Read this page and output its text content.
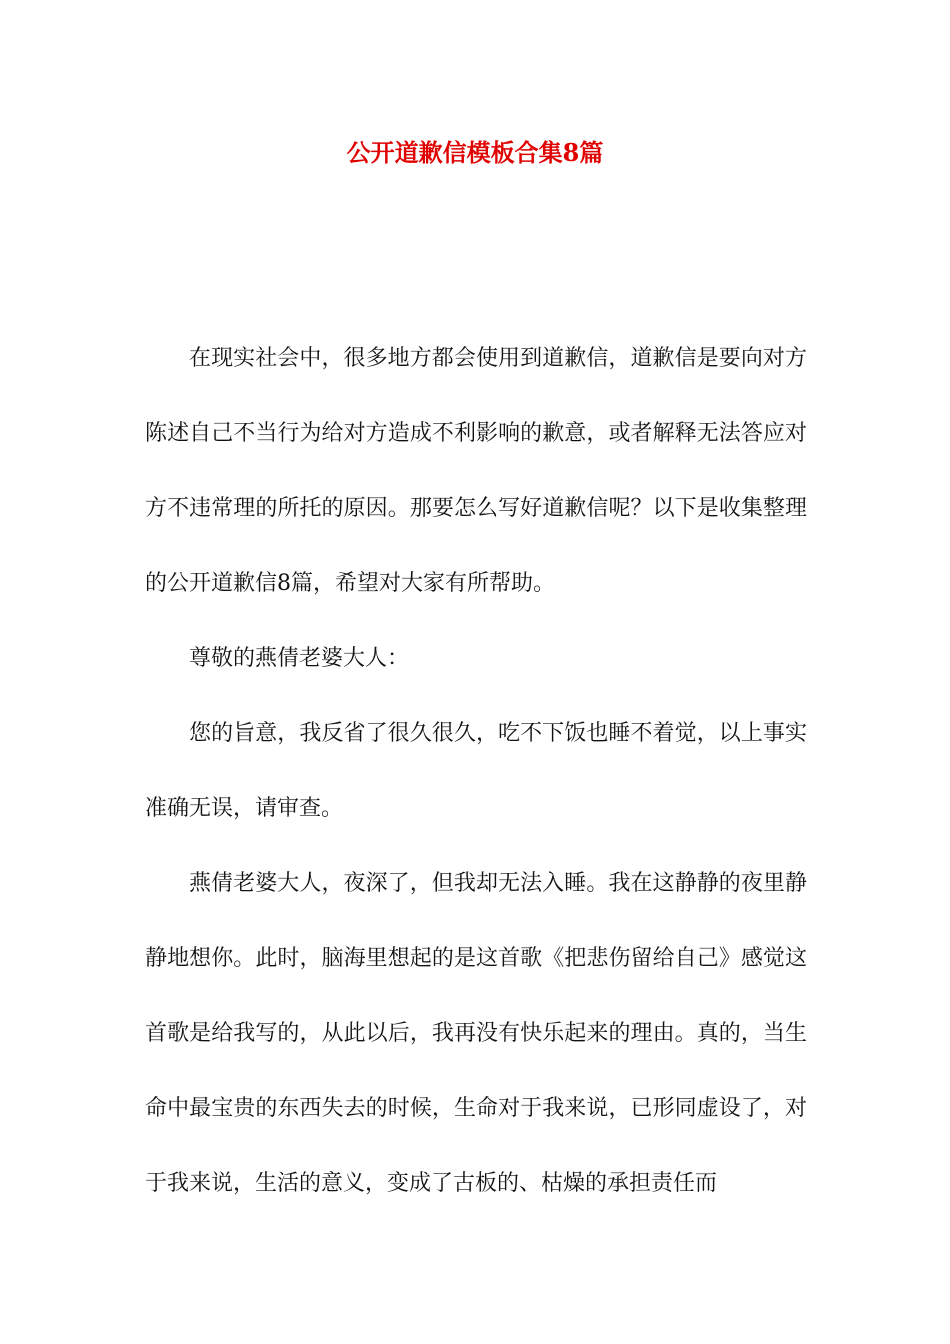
公开道歉信模板合集8篇

在现实社会中，很多地方都会使用到道歉信，道歉信是要向对方陈述自己不当行为给对方造成不利影响的歉意，或者解释无法答应对方不违常理的所托的原因。那要怎么写好道歉信呢？以下是收集整理的公开道歉信8篇，希望对大家有所帮助。

尊敬的燕倩老婆大人：

您的旨意，我反省了很久很久，吃不下饭也睡不着觉，以上事实准确无误，请审查。

燕倩老婆大人，夜深了，但我却无法入睡。我在这静静的夜里静静地想你。此时，脑海里想起的是这首歌《把悲伤留给自己》感觉这首歌是给我写的，从此以后，我再没有快乐起来的理由。真的，当生命中最宝贵的东西失去的时候，生命对于我来说，已形同虚设了，对于我来说，生活的意义，变成了古板的、枯燥的承担责任而
